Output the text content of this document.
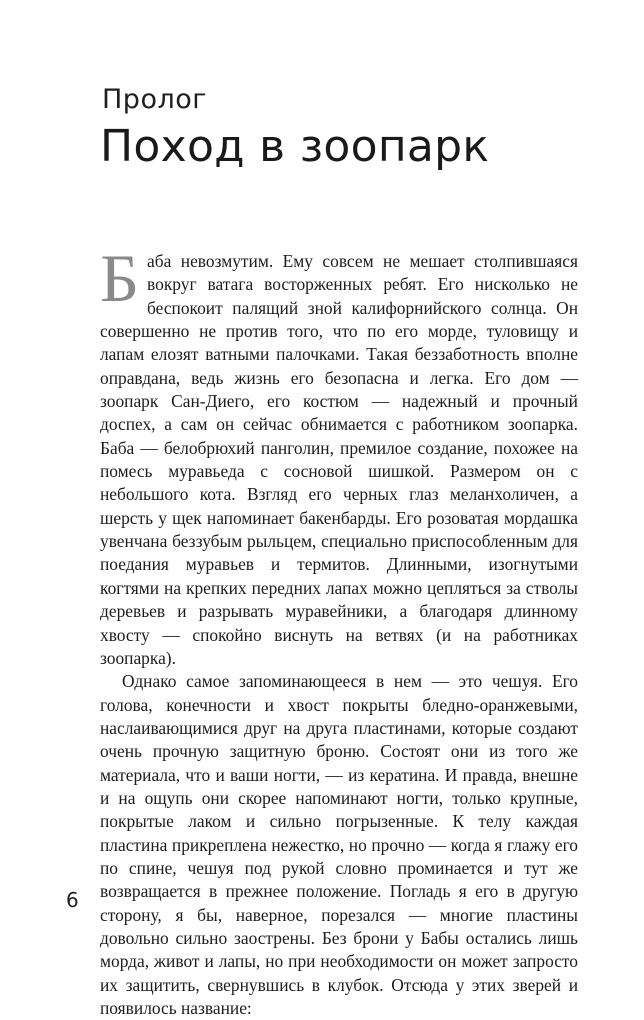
Пролог
Поход в зоопарк

Баба невозмутим. Ему совсем не мешает столпившаяся вокруг ватага восторженных ребят. Его нисколько не беспокоит палящий зной калифорнийского солнца. Он совершенно не против того, что по его морде, туловищу и лапам елозят ватными палочками. Такая беззаботность вполне оправдана, ведь жизнь его безопасна и легка. Его дом — зоопарк Сан-Диего, его костюм — надежный и прочный доспех, а сам он сейчас обнимается с работником зоопарка. Баба — белобрюхий панголин, премилое создание, похожее на помесь муравьеда с сосновой шишкой. Размером он с небольшого кота. Взгляд его черных глаз меланхоличен, а шерсть у щек напоминает бакенбарды. Его розоватая мордашка увенчана беззубым рыльцем, специально приспособленным для поедания муравьев и термитов. Длинными, изогнутыми когтями на крепких передних лапах можно цепляться за стволы деревьев и разрывать муравейники, а благодаря длинному хвосту — спокойно виснуть на ветвях (и на работниках зоопарка).

Однако самое запоминающееся в нем — это чешуя. Его голова, конечности и хвост покрыты бледно-оранжевыми, наслаивающимися друг на друга пластинами, которые создают очень прочную защитную броню. Состоят они из того же материала, что и ваши ногти, — из кератина. И правда, внешне и на ощупь они скорее напоминают ногти, только крупные, покрытые лаком и сильно погрызенные. К телу каждая пластина прикреплена нежестко, но прочно — когда я глажу его по спине, чешуя под рукой словно проминается и тут же возвращается в прежнее положение. Погладь я его в другую сторону, я бы, наверное, порезался — многие пластины довольно сильно заострены. Без брони у Бабы остались лишь морда, живот и лапы, но при необходимости он может запросто их защитить, свернувшись в клубок. Отсюда у этих зверей и появилось название:

6
